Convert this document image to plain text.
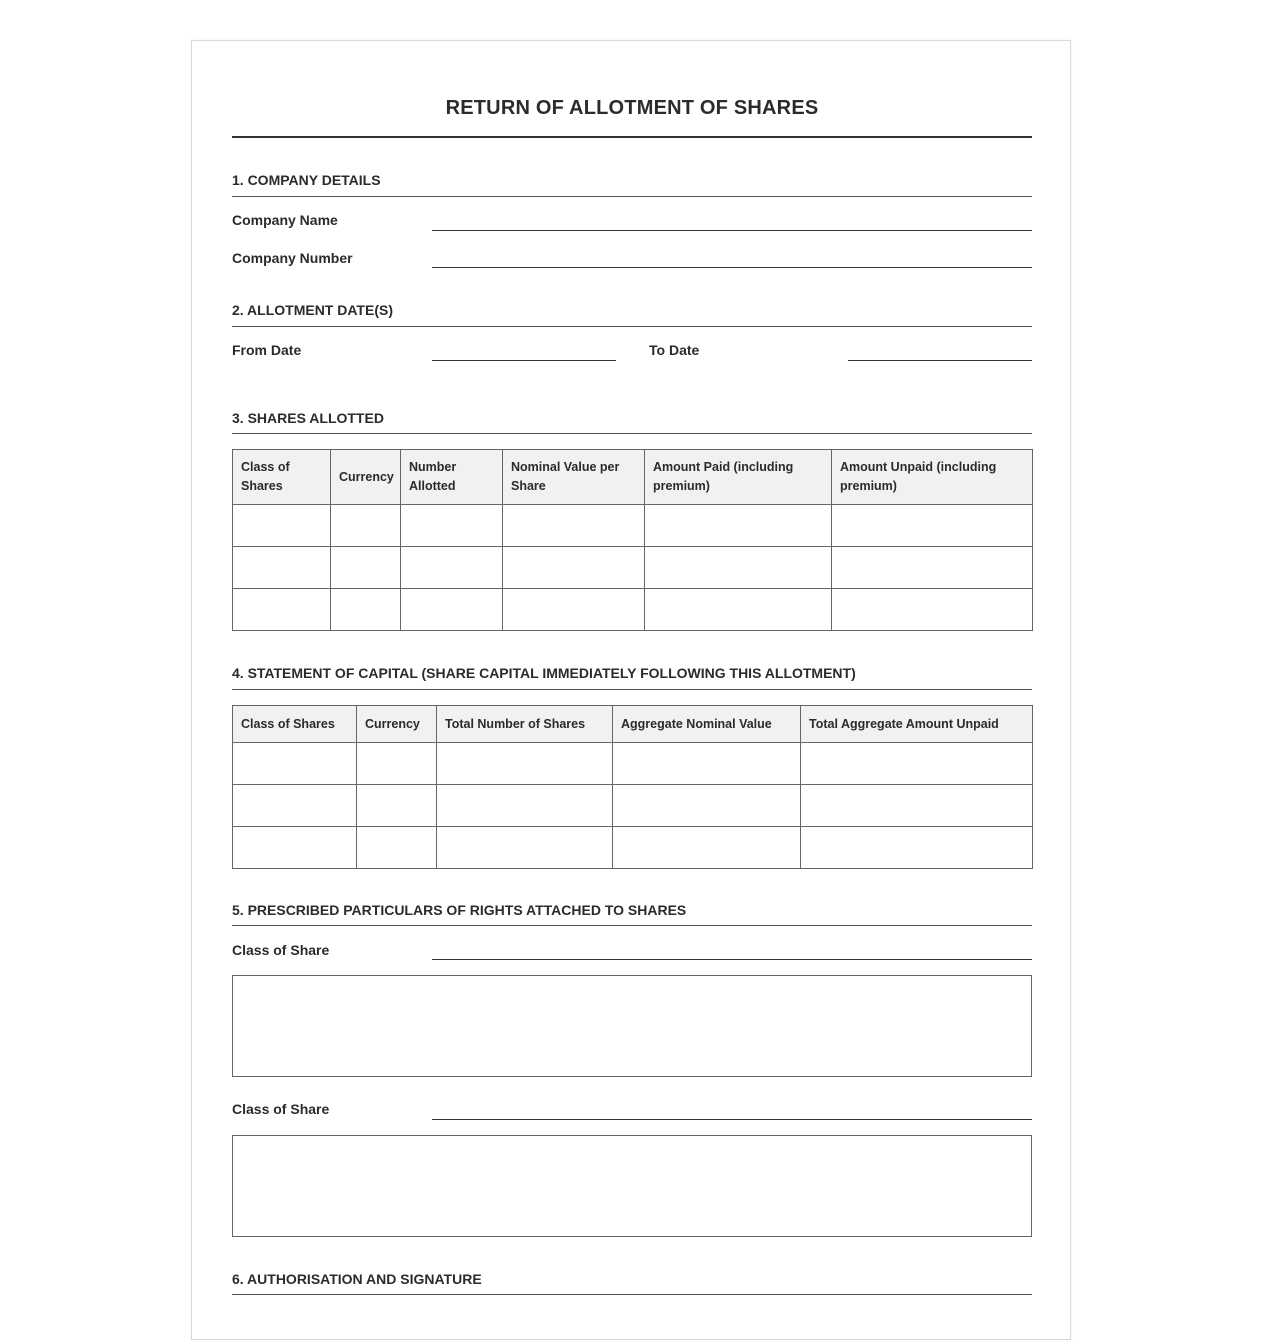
RETURN OF ALLOTMENT OF SHARES
1. COMPANY DETAILS
Company Name
Company Number
2. ALLOTMENT DATE(S)
From Date	To Date
3. SHARES ALLOTTED
Class of Shares	Currency	Number Allotted	Nominal Value per Share	Amount Paid (including premium)	Amount Unpaid (including premium)

4. STATEMENT OF CAPITAL (SHARE CAPITAL IMMEDIATELY FOLLOWING THIS ALLOTMENT)
Class of Shares	Currency	Total Number of Shares	Aggregate Nominal Value	Total Aggregate Amount Unpaid

5. PRESCRIBED PARTICULARS OF RIGHTS ATTACHED TO SHARES
Class of Share
Class of Share
6. AUTHORISATION AND SIGNATURE
